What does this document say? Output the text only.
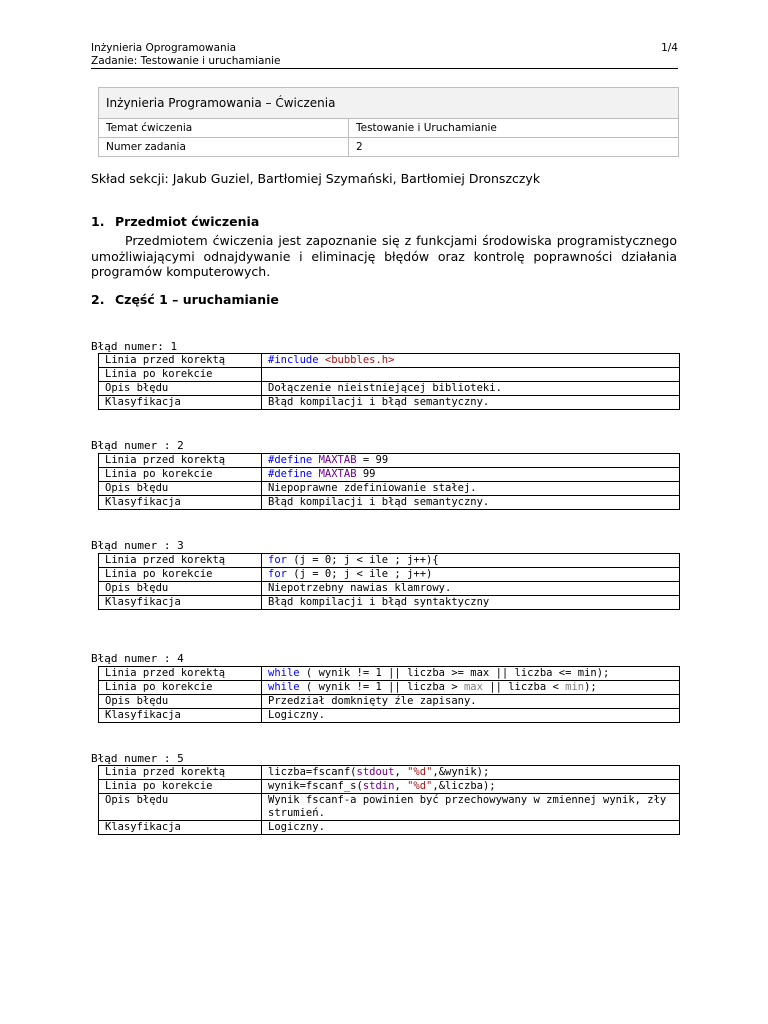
Inżynieria Oprogramowania	1/4
Zadanie: Testowanie i uruchamianie
Inżynieria Programowania – Ćwiczenia	
Temat ćwiczenia	Testowanie i Uruchamianie
Numer zadania	2
Skład sekcji: Jakub Guziel, Bartłomiej Szymański, Bartłomiej Dronszczyk
1. Przedmiot ćwiczenia
Przedmiotem ćwiczenia jest zapoznanie się z funkcjami środowiska programistycznego umożliwiającymi odnajdywanie i eliminację błędów oraz kontrolę poprawności działania programów komputerowych.
2. Część 1 – uruchamianie
Błąd numer: 1
Linia przed korektą	#include <bubbles.h>
Linia po korekcie	
Opis błędu	Dołączenie nieistniejącej biblioteki.
Klasyfikacja	Błąd kompilacji i błąd semantyczny.
Błąd numer : 2
Linia przed korektą	#define MAXTAB = 99
Linia po korekcie	#define MAXTAB 99
Opis błędu	Niepoprawne zdefiniowanie stałej.
Klasyfikacja	Błąd kompilacji i błąd semantyczny.
Błąd numer : 3
Linia przed korektą	for (j = 0; j < ile ; j++){
Linia po korekcie	for (j = 0; j < ile ; j++)
Opis błędu	Niepotrzebny nawias klamrowy.
Klasyfikacja	Błąd kompilacji i błąd syntaktyczny
Błąd numer : 4
Linia przed korektą	while ( wynik != 1 || liczba >= max || liczba <= min);
Linia po korekcie	while ( wynik != 1 || liczba > max || liczba < min);
Opis błędu	Przedział domknięty źle zapisany.
Klasyfikacja	Logiczny.
Błąd numer : 5
Linia przed korektą	liczba=fscanf(stdout, "%d",&wynik);
Linia po korekcie	wynik=fscanf_s(stdin, "%d",&liczba);
Opis błędu	Wynik fscanf-a powinien być przechowywany w zmiennej wynik, zły strumień.
Klasyfikacja	Logiczny.
